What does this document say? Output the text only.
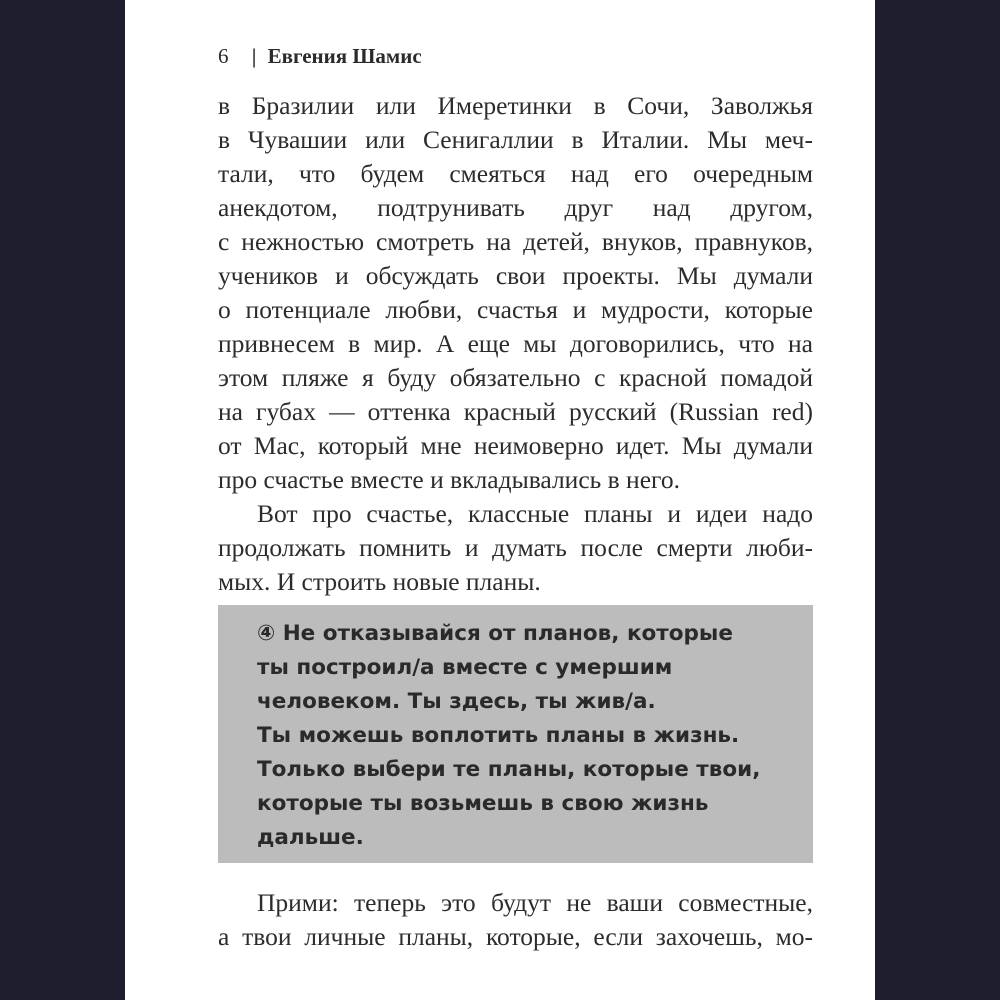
6 | Евгения Шамис
в Бразилии или Имеретинки в Сочи, Заволжья
в Чувашии или Сенигаллии в Италии. Мы меч-
тали, что будем смеяться над его очередным
анекдотом, подтрунивать друг над другом,
с нежностью смотреть на детей, внуков, правнуков,
учеников и обсуждать свои проекты. Мы думали
о потенциале любви, счастья и мудрости, которые
привнесем в мир. А еще мы договорились, что на
этом пляже я буду обязательно с красной помадой
на губах — оттенка красный русский (Russian red)
от Mac, который мне неимоверно идет. Мы думали
про счастье вместе и вкладывались в него.
Вот про счастье, классные планы и идеи надо
продолжать помнить и думать после смерти люби-
мых. И строить новые планы.
④ Не отказывайся от планов, которые
ты построил/а вместе с умершим
человеком. Ты здесь, ты жив/а.
Ты можешь воплотить планы в жизнь.
Только выбери те планы, которые твои,
которые ты возьмешь в свою жизнь
дальше.
Прими: теперь это будут не ваши совместные,
а твои личные планы, которые, если захочешь, мо-
